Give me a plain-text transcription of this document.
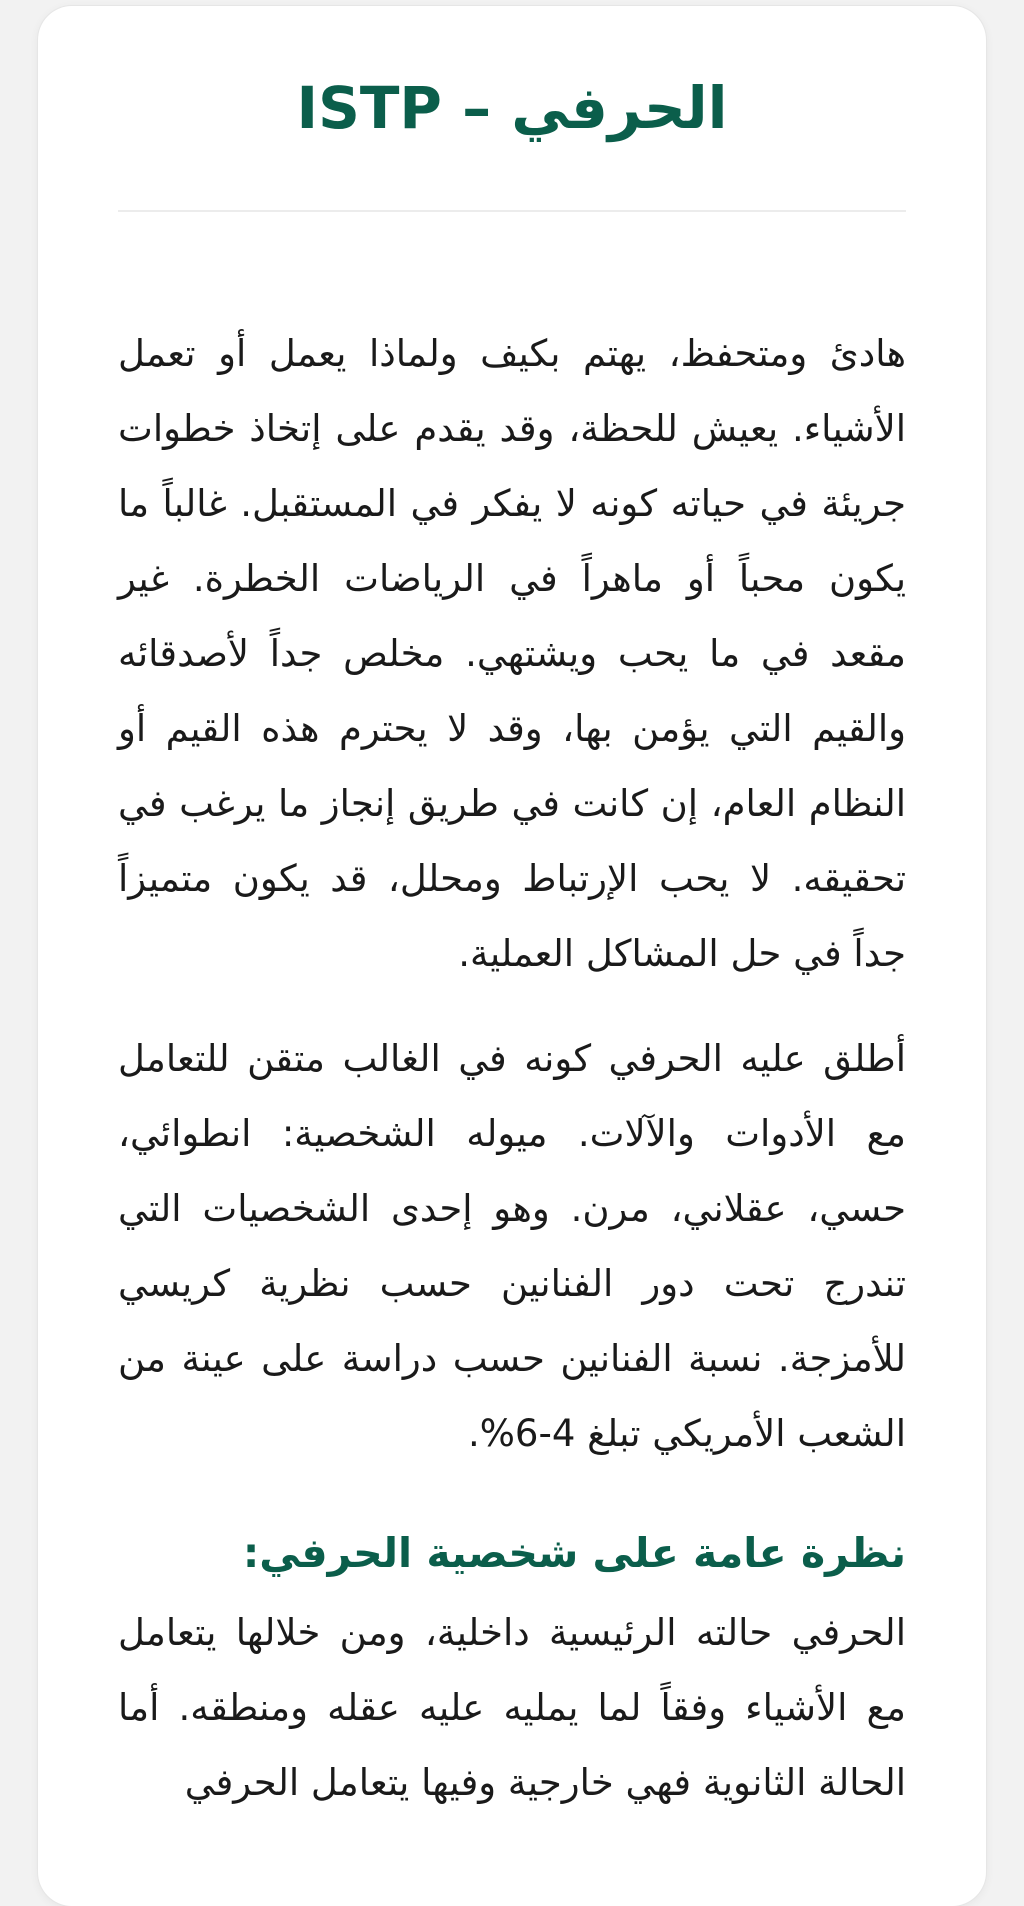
الحرفي – ISTP

هادئ ومتحفظ، يهتم بكيف ولماذا يعمل أو تعمل الأشياء. يعيش للحظة، وقد يقدم على إتخاذ خطوات جريئة في حياته كونه لا يفكر في المستقبل. غالباً ما يكون محباً أو ماهراً في الرياضات الخطرة. غير مقعد في ما يحب ويشتهي. مخلص جداً لأصدقائه والقيم التي يؤمن بها، وقد لا يحترم هذه القيم أو النظام العام، إن كانت في طريق إنجاز ما يرغب في تحقيقه. لا يحب الإرتباط ومحلل، قد يكون متميزاً جداً في حل المشاكل العملية.

أطلق عليه الحرفي كونه في الغالب متقن للتعامل مع الأدوات والآلات. ميوله الشخصية: انطوائي، حسي، عقلاني، مرن. وهو إحدى الشخصيات التي تندرج تحت دور الفنانين حسب نظرية كريسي للأمزجة. نسبة الفنانين حسب دراسة على عينة من الشعب الأمريكي تبلغ 4-6%.

نظرة عامة على شخصية الحرفي:

الحرفي حالته الرئيسية داخلية، ومن خلالها يتعامل مع الأشياء وفقاً لما يمليه عليه عقله ومنطقه. أما الحالة الثانوية فهي خارجية وفيها يتعامل الحرفي
